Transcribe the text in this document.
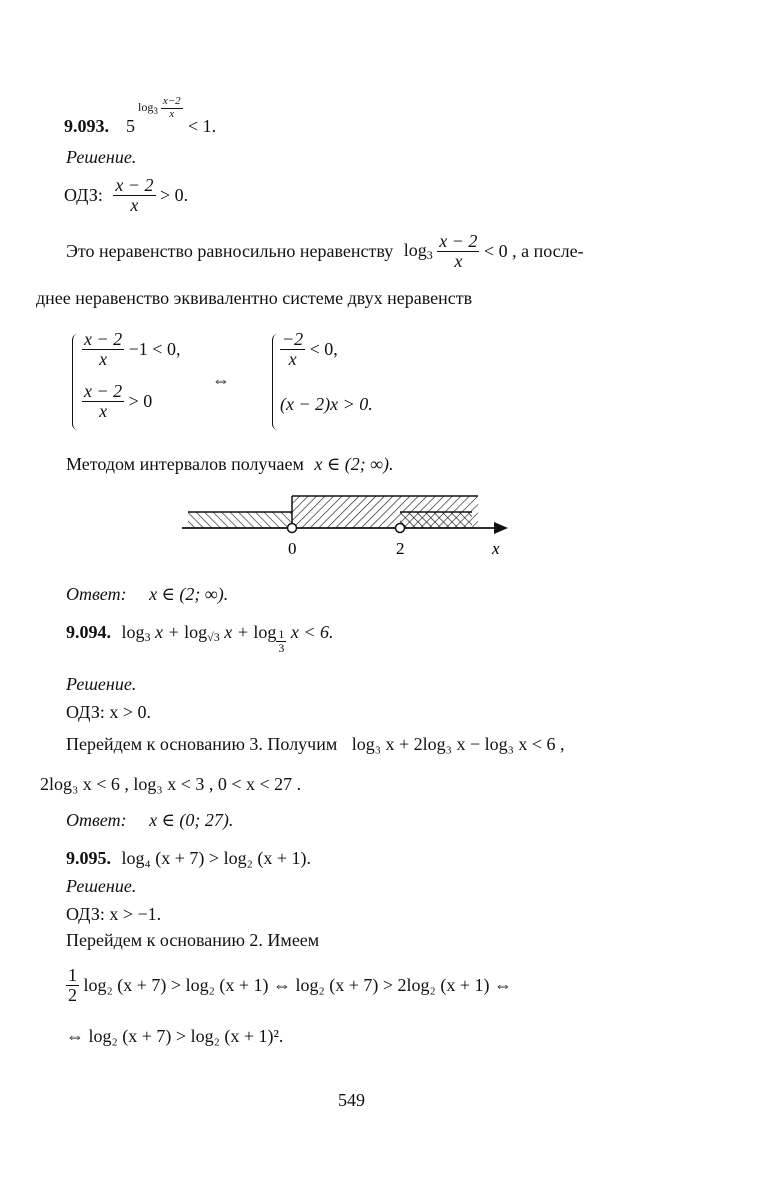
9.093. 5
$\log_3 \frac{x-2}{x}$
< 1.
Решение.
ОДЗ: $\frac{x - 2}{x} > 0$.
Это неравенство равносильно неравенству $\log_3 \frac{x - 2}{x} < 0$ , а после-
днее неравенство эквивалентно системе двух неравенств
$\frac{x - 2}{x} -1 < 0$,
$\frac{x - 2}{x} > 0$
⇔
$\frac{-2}{x} < 0$,
(x − 2)x > 0.
Методом интервалов получаем x ∈ (2; ∞).
0	2	x
Ответ: x ∈ (2; ∞).
9.094. $\log_3 x + \log_{√3} x + \log \frac{1}{3}$ x < 6.
Решение.
ОДЗ: x > 0.
Перейдем к основанию 3. Получим log₃ x + 2log₃ x − log₃ x < 6 ,
2log₃ x < 6 , log₃ x < 3 , 0 < x < 27 .
Ответ: x ∈ (0; 27).
9.095. log₄ (x + 7) > log₂ (x + 1).
Решение.
ОДЗ: x > −1.
Перейдем к основанию 2. Имеем
$\frac{1}{2} \log_2$ (x + 7) > log₂ (x + 1) ⇔ log₂ (x + 7) > 2log₂ (x + 1) ⇔
⇔ log₂ (x + 7) > log₂ (x + 1)².
549
